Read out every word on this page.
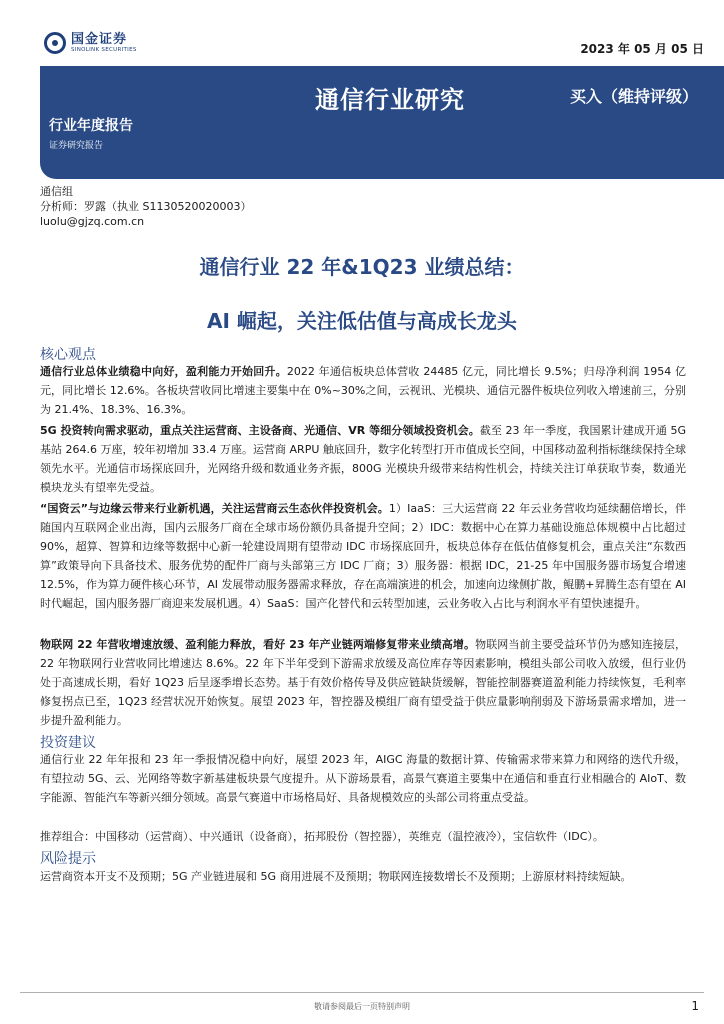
国金证券
SINOLINK SECURITIES	2023 年 05 月 05 日
通信行业研究	买入（维持评级）
行业年度报告
证券研究报告
通信组
分析师：罗露（执业 S1130520020003）
luolu@gjzq.com.cn
通信行业 22 年&1Q23 业绩总结：
AI 崛起，关注低估值与高成长龙头
核心观点

通信行业总体业绩稳中向好，盈利能力开始回升。2022 年通信板块总体营收 24485 亿元，同比增长 9.5%；归母净利润 1954 亿元，同比增长 12.6%。各板块营收同比增速主要集中在 0%~30%之间，云视讯、光模块、通信元器件板块位列收入增速前三，分别为 21.4%、18.3%、16.3%。

5G 投资转向需求驱动，重点关注运营商、主设备商、光通信、VR 等细分领域投资机会。截至 23 年一季度，我国累计建成开通 5G 基站 264.6 万座，较年初增加 33.4 万座。运营商 ARPU 触底回升，数字化转型打开市值成长空间，中国移动盈利指标继续保持全球领先水平。光通信市场探底回升，光网络升级和数通业务齐振，800G 光模块升级带来结构性机会，持续关注订单获取节奏，数通光模块龙头有望率先受益。

“国资云”与边缘云带来行业新机遇，关注运营商云生态伙伴投资机会。1）IaaS：三大运营商 22 年云业务营收均延续翻倍增长，伴随国内互联网企业出海，国内云服务厂商在全球市场份额仍具备提升空间；2）IDC：数据中心在算力基础设施总体规模中占比超过 90%，超算、智算和边缘等数据中心新一轮建设周期有望带动 IDC 市场探底回升，板块总体存在低估值修复机会，重点关注“东数西算”政策导向下具备技术、服务优势的配件厂商与头部第三方 IDC 厂商；3）服务器：根据 IDC，21-25 年中国服务器市场复合增速 12.5%，作为算力硬件核心环节，AI 发展带动服务器需求释放，存在高端演进的机会，加速向边缘侧扩散，鲲鹏+昇腾生态有望在 AI 时代崛起，国内服务器厂商迎来发展机遇。4）SaaS：国产化替代和云转型加速，云业务收入占比与利润水平有望快速提升。

物联网 22 年营收增速放缓、盈利能力释放，看好 23 年产业链两端修复带来业绩高增。物联网当前主要受益环节仍为感知连接层，22 年物联网行业营收同比增速达 8.6%。22 年下半年受到下游需求放缓及高位库存等因素影响，模组头部公司收入放缓，但行业仍处于高速成长期，看好 1Q23 后呈逐季增长态势。基于有效价格传导及供应链缺货缓解，智能控制器赛道盈利能力持续恢复，毛利率修复拐点已至，1Q23 经营状况开始恢复。展望 2023 年，智控器及模组厂商有望受益于供应量影响削弱及下游场景需求增加，进一步提升盈利能力。

投资建议

通信行业 22 年年报和 23 年一季报情况稳中向好，展望 2023 年，AIGC 海量的数据计算、传输需求带来算力和网络的迭代升级，有望拉动 5G、云、光网络等数字新基建板块景气度提升。从下游场景看，高景气赛道主要集中在通信和垂直行业相融合的 AIoT、数字能源、智能汽车等新兴细分领域。高景气赛道中市场格局好、具备规模效应的头部公司将重点受益。

推荐组合：中国移动（运营商）、中兴通讯（设备商），拓邦股份（智控器），英维克（温控液冷），宝信软件（IDC）。

风险提示

运营商资本开支不及预期；5G 产业链进展和 5G 商用进展不及预期；物联网连接数增长不及预期；上游原材料持续短缺。

敬请参阅最后一页特别声明	1
